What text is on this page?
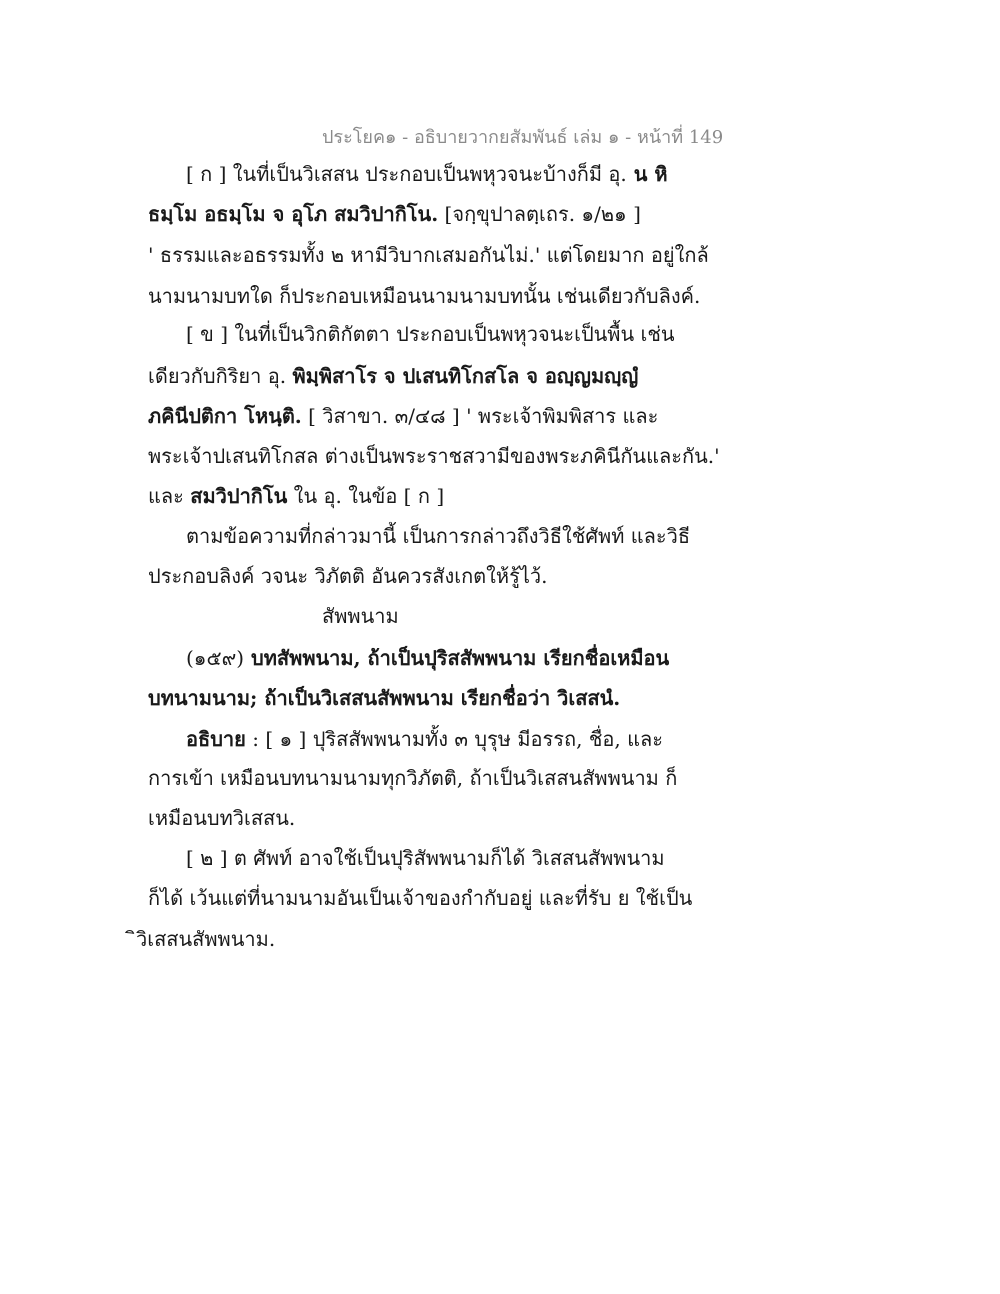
ประโยค๑ - อธิบายวากยสัมพันธ์ เล่ม ๑ - หน้าที่ 149
[ ก ] ในที่เป็นวิเสสน ประกอบเป็นพหุวจนะบ้างก็มี อุ. น หิ
ธมฺโม อธมฺโม จ อุโภ สมวิปากิโน. [จกฺขุปาลตฺเถร. ๑/๒๑ ]
' ธรรมและอธรรมทั้ง ๒ หามีวิบากเสมอกันไม่.' แต่โดยมาก อยู่ใกล้
นามนามบทใด ก็ประกอบเหมือนนามนามบทนั้น เช่นเดียวกับลิงค์.
[ ข ] ในที่เป็นวิกติกัตตา ประกอบเป็นพหุวจนะเป็นพื้น เช่น
เดียวกับกิริยา อุ. พิมฺพิสาโร จ ปเสนทิโกสโล จ อญฺญมญฺญํ
ภคินีปติกา โหนฺติ. [ วิสาขา. ๓/๔๘ ] ' พระเจ้าพิมพิสาร และ
พระเจ้าปเสนทิโกสล ต่างเป็นพระราชสวามีของพระภคินีกันและกัน.'
และ สมวิปากิโน ใน อุ. ในข้อ [ ก ]
ตามข้อความที่กล่าวมานี้ เป็นการกล่าวถึงวิธีใช้ศัพท์ และวิธี
ประกอบลิงค์ วจนะ วิภัตติ อันควรสังเกตให้รู้ไว้.
สัพพนาม
(๑๕๙) บทสัพพนาม, ถ้าเป็นปุริสสัพพนาม เรียกชื่อเหมือน
บทนามนาม; ถ้าเป็นวิเสสนสัพพนาม เรียกชื่อว่า วิเสสนํ.
อธิบาย : [ ๑ ] ปุริสสัพพนามทั้ง ๓ บุรุษ มีอรรถ, ชื่อ, และ
การเข้า เหมือนบทนามนามทุกวิภัตติ, ถ้าเป็นวิเสสนสัพพนาม ก็
เหมือนบทวิเสสน.
[ ๒ ] ต ศัพท์ อาจใช้เป็นปุริสัพพนามก็ได้ วิเสสนสัพพนาม
ก็ได้ เว้นแต่ที่นามนามอันเป็นเจ้าของกำกับอยู่ และที่รับ ย ใช้เป็น
ิวิเสสนสัพพนาม.
